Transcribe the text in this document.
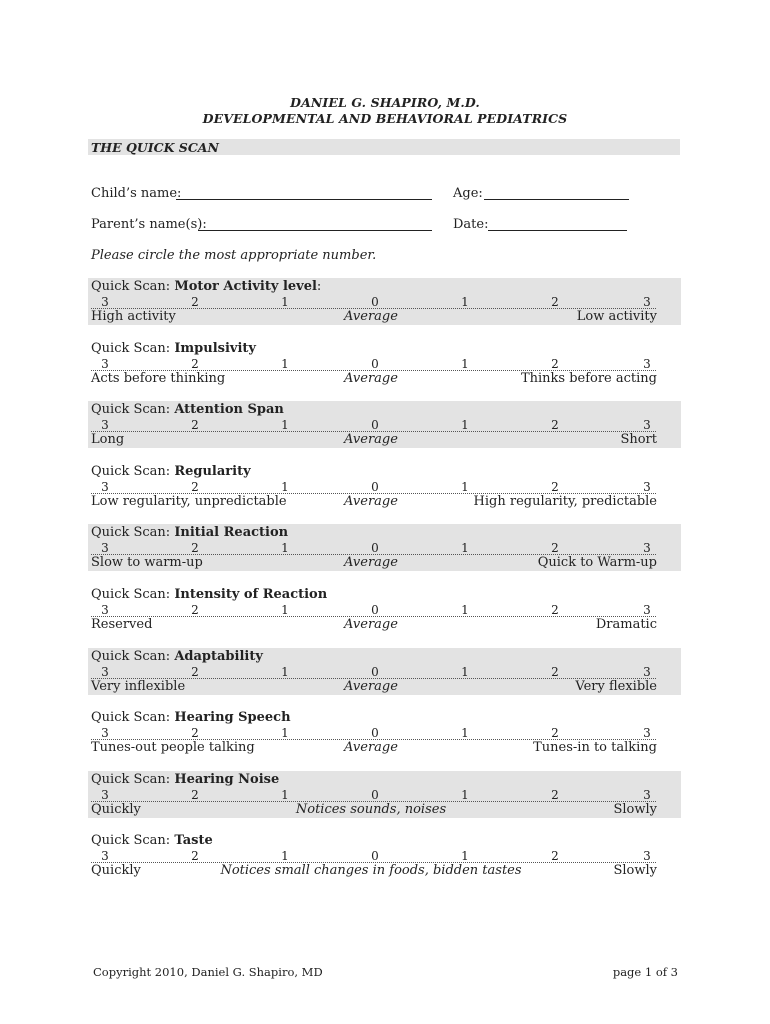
DANIEL G. SHAPIRO, M.D.
DEVELOPMENTAL AND BEHAVIORAL PEDIATRICS
THE QUICK SCAN
Child’s name:	Age:
Parent’s name(s):	Date:
Please circle the most appropriate number.
Quick Scan: Motor Activity level:
3	2	1	0	1	2	3
High activity	Average	Low activity
Quick Scan: Impulsivity
3	2	1	0	1	2	3
Acts before thinking	Average	Thinks before acting
Quick Scan: Attention Span
3	2	1	0	1	2	3
Long	Average	Short
Quick Scan: Regularity
3	2	1	0	1	2	3
Low regularity, unpredictable	Average	High regularity, predictable
Quick Scan: Initial Reaction
3	2	1	0	1	2	3
Slow to warm-up	Average	Quick to Warm-up
Quick Scan: Intensity of Reaction
3	2	1	0	1	2	3
Reserved	Average	Dramatic
Quick Scan: Adaptability
3	2	1	0	1	2	3
Very inflexible	Average	Very flexible
Quick Scan: Hearing Speech
3	2	1	0	1	2	3
Tunes-out people talking	Average	Tunes-in to talking
Quick Scan: Hearing Noise
3	2	1	0	1	2	3
Quickly	Notices sounds, noises	Slowly
Quick Scan: Taste
3	2	1	0	1	2	3
Quickly	Notices small changes in foods, bidden tastes	Slowly
Copyright 2010, Daniel G. Shapiro, MD	page 1 of 3
